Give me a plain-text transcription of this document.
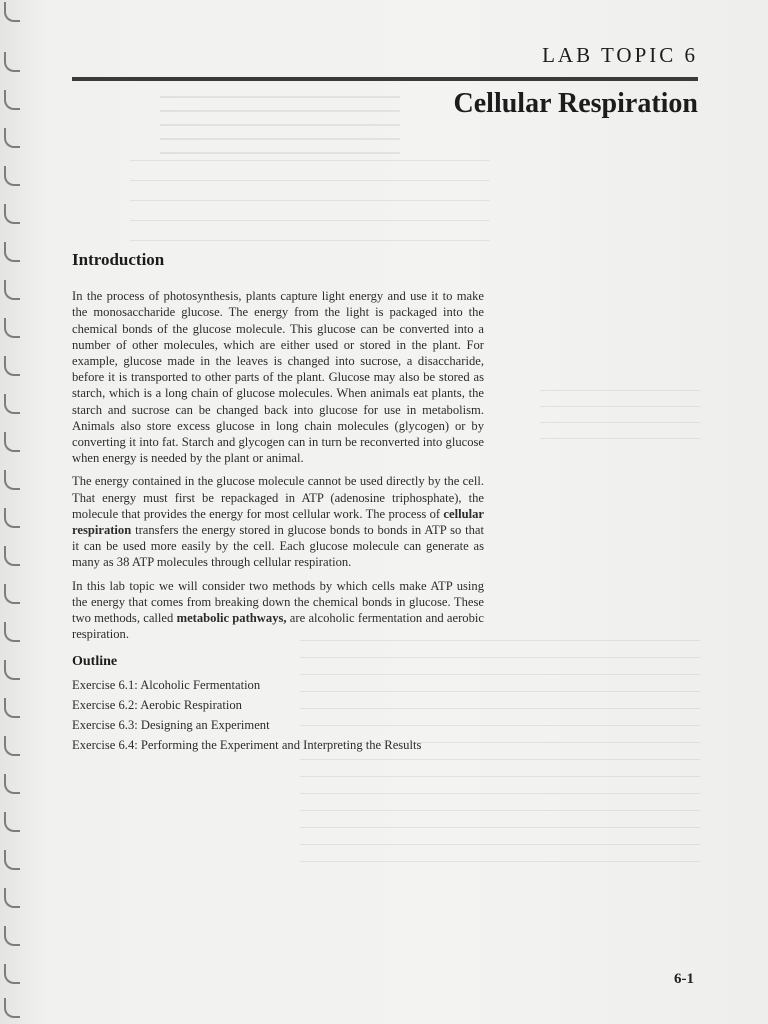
LAB TOPIC 6
Cellular Respiration
Introduction

In the process of photosynthesis, plants capture light energy and use it to make the monosaccharide glucose. The energy from the light is packaged into the chemical bonds of the glucose molecule. This glucose can be converted into a number of other molecules, which are either used or stored in the plant. For example, glucose made in the leaves is changed into sucrose, a disaccharide, before it is transported to other parts of the plant. Glucose may also be stored as starch, which is a long chain of glucose molecules. When animals eat plants, the starch and sucrose can be changed back into glucose for use in metabolism. Animals also store excess glucose in long chain molecules (glycogen) or by converting it into fat. Starch and glycogen can in turn be reconverted into glucose when energy is needed by the plant or animal.

The energy contained in the glucose molecule cannot be used directly by the cell. That energy must first be repackaged in ATP (adenosine triphosphate), the molecule that provides the energy for most cellular work. The process of cellular respiration transfers the energy stored in glucose bonds to bonds in ATP so that it can be used more easily by the cell. Each glucose molecule can generate as many as 38 ATP molecules through cellular respiration.

In this lab topic we will consider two methods by which cells make ATP using the energy that comes from breaking down the chemical bonds in glucose. These two methods, called metabolic pathways, are alcoholic fermentation and aerobic respiration.

Outline
Exercise 6.1: Alcoholic Fermentation
Exercise 6.2: Aerobic Respiration
Exercise 6.3: Designing an Experiment
Exercise 6.4: Performing the Experiment and Interpreting the Results
6-1
